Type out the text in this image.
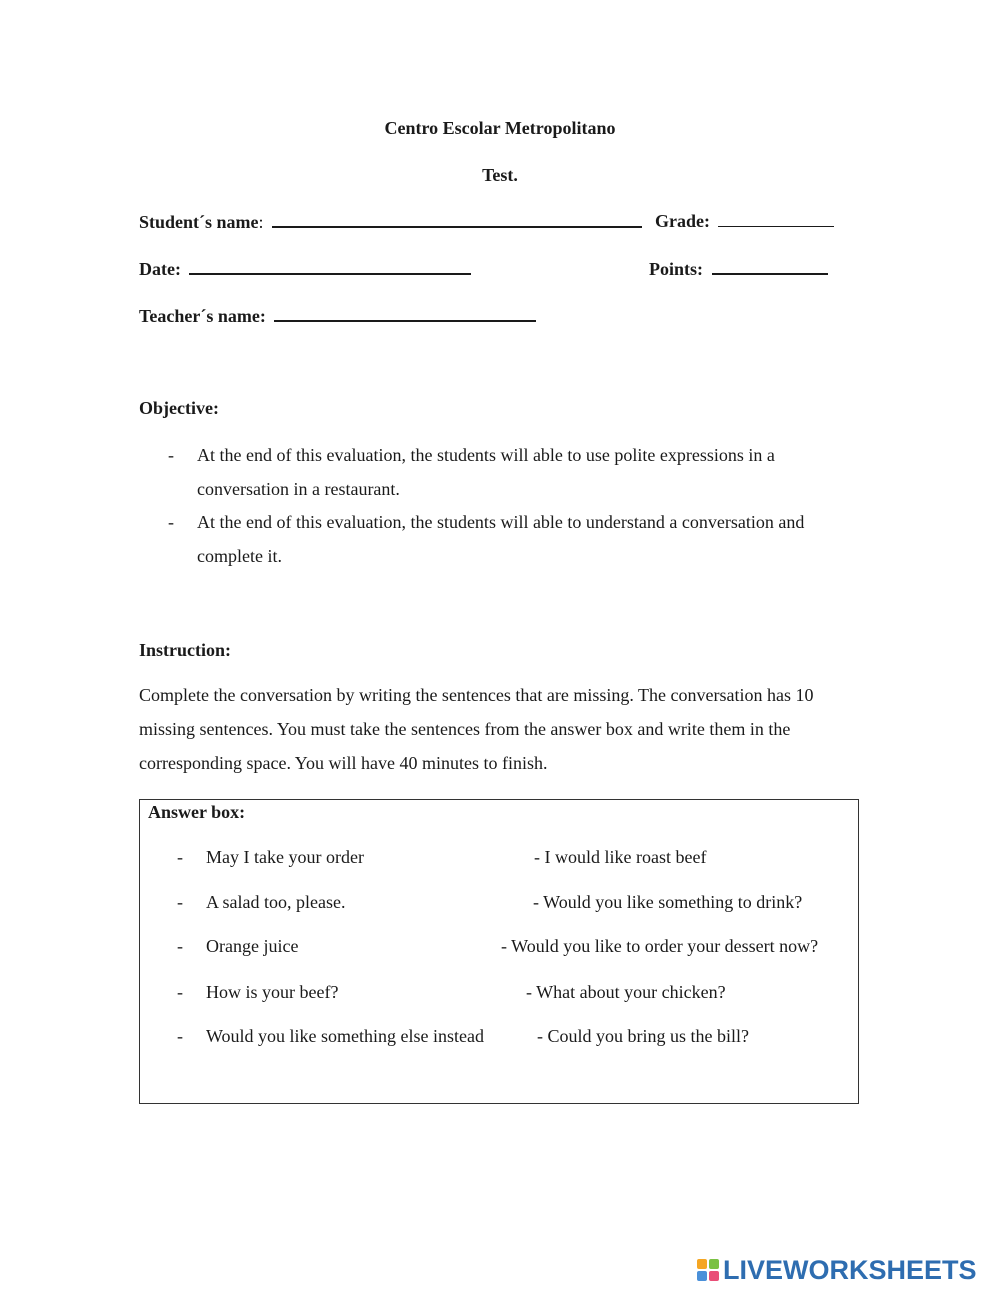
Centro Escolar Metropolitano
Test.
Student´s name:	Grade:
Date:	Points:
Teacher´s name:
Objective:
- At the end of this evaluation, the students will able to use polite expressions in a
conversation in a restaurant.
- At the end of this evaluation, the students will able to understand a conversation and
complete it.
Instruction:

Complete the conversation by writing the sentences that are missing. The conversation has 10 missing sentences. You must take the sentences from the answer box and write them in the corresponding space. You will have 40 minutes to finish.

Answer box:
- May I take your order	- I would like roast beef
- A salad too, please.	- Would you like something to drink?
- Orange juice	- Would you like to order your dessert now?
- How is your beef?	- What about your chicken?
- Would you like something else instead	- Could you bring us the bill?
LIVEWORKSHEETS
